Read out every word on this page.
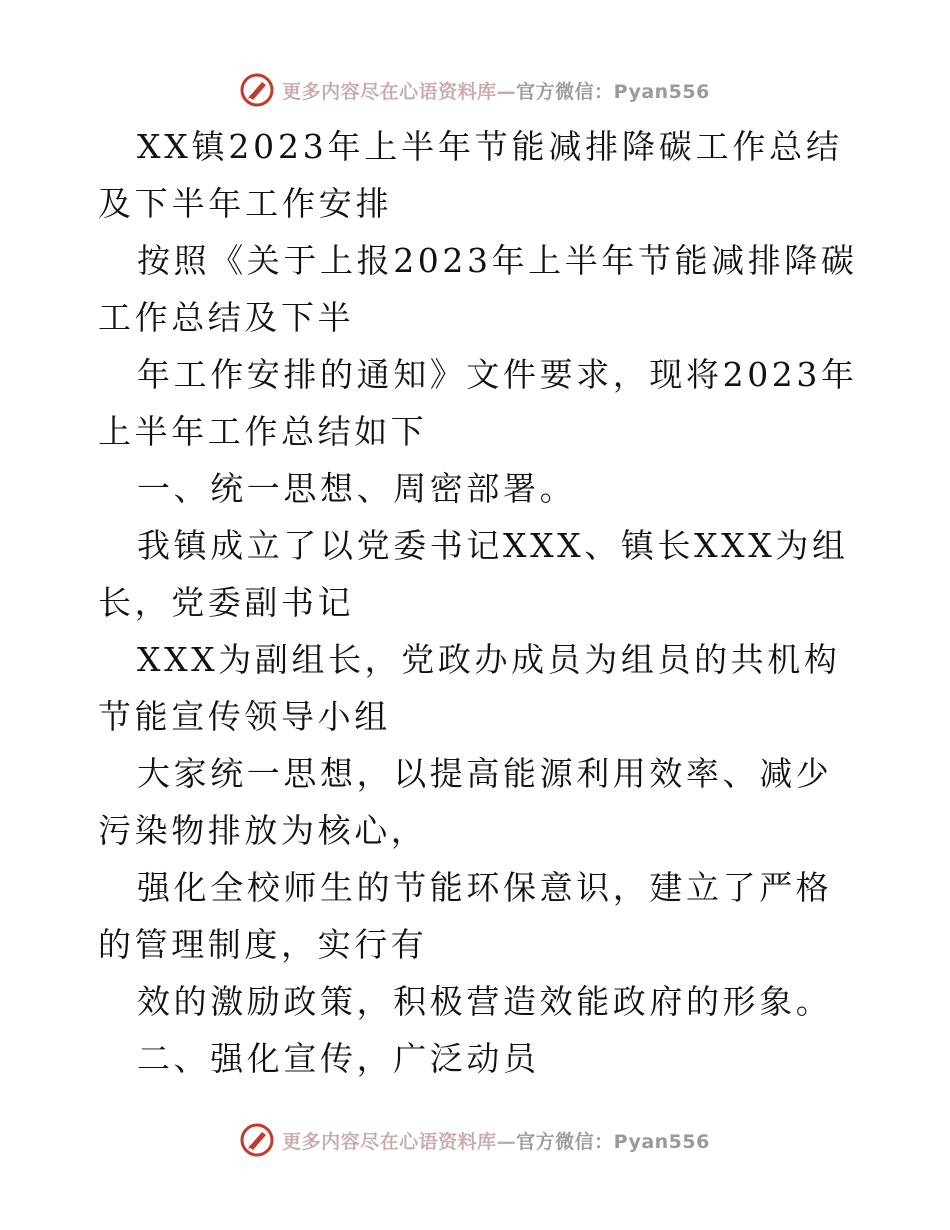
更多内容尽在心语资料库—官方微信：Pyan556

XX镇2023年上半年节能减排降碳工作总结及下半年工作安排

按照《关于上报2023年上半年节能减排降碳工作总结及下半

年工作安排的通知》文件要求，现将2023年上半年工作总结如下

一、统一思想、周密部署。

我镇成立了以党委书记XXX、镇长XXX为组长，党委副书记

XXX为副组长，党政办成员为组员的共机构节能宣传领导小组

大家统一思想，以提高能源利用效率、减少污染物排放为核心，

强化全校师生的节能环保意识，建立了严格的管理制度，实行有

效的激励政策，积极营造效能政府的形象。

二、强化宣传，广泛动员

更多内容尽在心语资料库—官方微信：Pyan556
